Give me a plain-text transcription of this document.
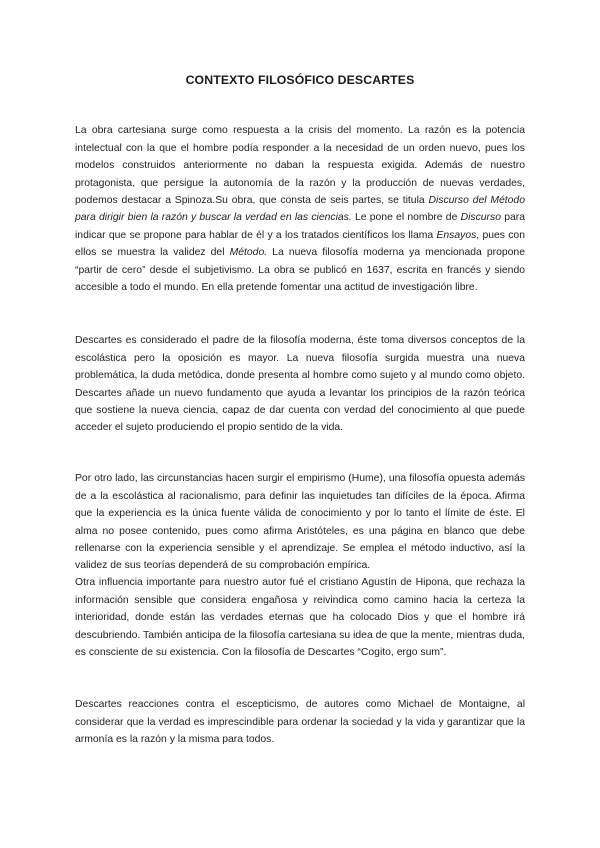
CONTEXTO FILOSÓFICO DESCARTES

La obra cartesiana surge como respuesta a la crisis del momento. La razón es la potencia intelectual con la que el hombre podía responder a la necesidad de un orden nuevo, pues los modelos construidos anteriormente no daban la respuesta exigida. Además de nuestro protagonista, que persigue la autonomía de la razón y la producción de nuevas verdades, podemos destacar a Spinoza.Su obra, que consta de seis partes, se titula Discurso del Método para dirigir bien la razón y buscar la verdad en las ciencias. Le pone el nombre de Discurso para indicar que se propone para hablar de él y a los tratados científicos los llama Ensayos, pues con ellos se muestra la validez del Método. La nueva filosofía moderna ya mencionada propone “partir de cero” desde el subjetivismo. La obra se publicó en 1637, escrita en francés y siendo accesible a todo el mundo. En ella pretende fomentar una actitud de investigación libre.

Descartes es considerado el padre de la filosofía moderna, éste toma diversos conceptos de la escolástica pero la oposición es mayor. La nueva filosofía surgida muestra una nueva problemática, la duda metódica, donde presenta al hombre como sujeto y al mundo como objeto. Descartes añade un nuevo fundamento que ayuda a levantar los principios de la razón teórica que sostiene la nueva ciencia, capaz de dar cuenta con verdad del conocimiento al que puede acceder el sujeto produciendo el propio sentido de la vida.

Por otro lado, las circunstancias hacen surgir el empirismo (Hume), una filosofía opuesta además de a la escolástica al racionalismo, para definir las inquietudes tan difíciles de la época. Afirma que la experiencia es la única fuente válida de conocimiento y por lo tanto el límite de éste. El alma no posee contenido, pues como afirma Aristóteles, es una página en blanco que debe rellenarse con la experiencia sensible y el aprendizaje. Se emplea el método inductivo, así la validez de sus teorías dependerá de su comprobación empírica.

Otra influencia importante para nuestro autor fué el cristiano Agustín de Hipona, que rechaza la información sensible que considera engañosa y reivindica como camino hacia la certeza la interioridad, donde están las verdades eternas que ha colocado Dios y que el hombre irá descubriendo. También anticipa de la filosofía cartesiana su idea de que la mente, mientras duda, es consciente de su existencia. Con la filosofía de Descartes “Cogito, ergo sum”.

Descartes reacciones contra el escepticismo, de autores como Michael de Montaigne, al considerar que la verdad es imprescindible para ordenar la sociedad y la vida y garantizar que la armonía es la razón y la misma para todos.
